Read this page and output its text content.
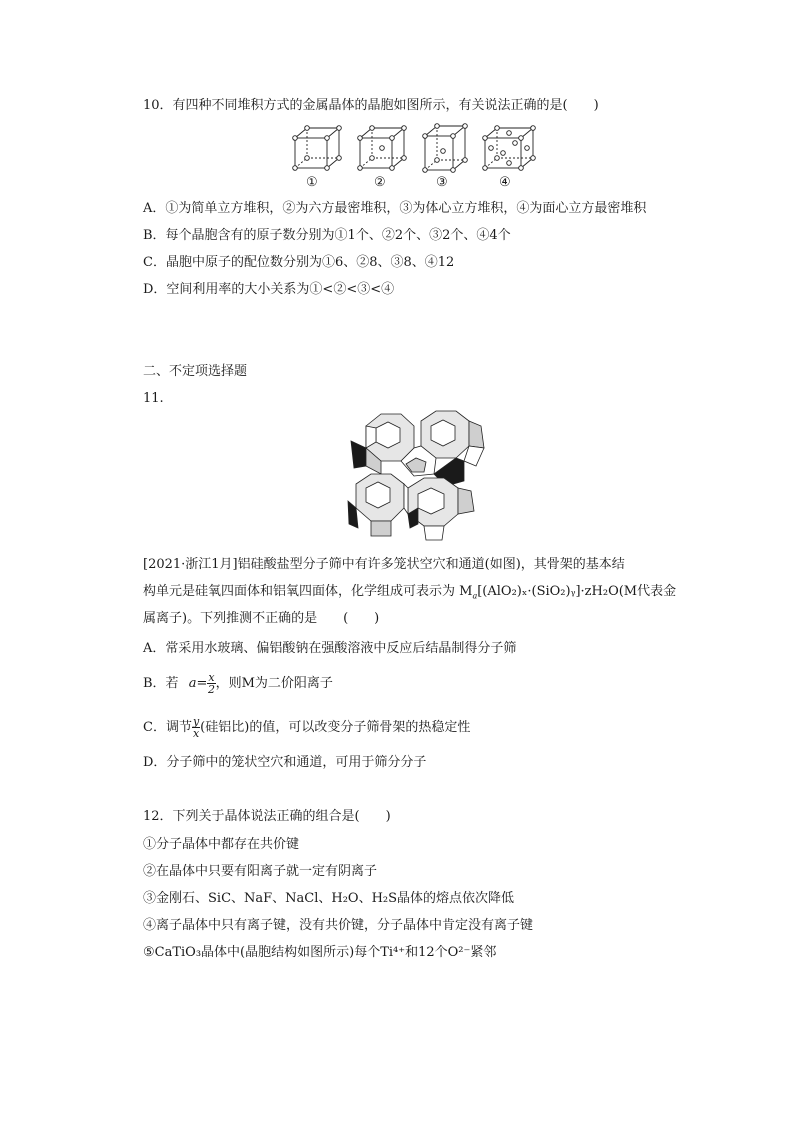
10．有四种不同堆积方式的金属晶体的晶胞如图所示，有关说法正确的是(　　)
①	②	③	④
A．①为简单立方堆积，②为六方最密堆积，③为体心立方堆积，④为面心立方最密堆积
B．每个晶胞含有的原子数分别为①1个、②2个、③2个、④4个
C．晶胞中原子的配位数分别为①6、②8、③8、④12
D．空间利用率的大小关系为①<②<③<④
二、不定项选择题
11.
[2021·浙江1月]铝硅酸盐型分子筛中有许多笼状空穴和通道(如图)，其骨架的基本结
构单元是硅氧四面体和铝氧四面体，化学组成可表示为 $M_a[(AlO_2)_x\cdot(SiO_2)ᵧ]\cdot zH_2O(M$代表金
属离子)。下列推测不正确的是　　(　　)
A．常采用水玻璃、偏铝酸钠在强酸溶液中反应后结晶制得分子筛
B．若 $a= \frac{x}{2}$ ，则M为二价阳离子
C．调节 $\frac{y}{x}$ (硅铝比)的值，可以改变分子筛骨架的热稳定性
D．分子筛中的笼状空穴和通道，可用于筛分分子
12．下列关于晶体说法正确的组合是(　　)
①分子晶体中都存在共价键
②在晶体中只要有阳离子就一定有阴离子
③金刚石、SiC、NaF、NaCl、H₂O、H₂S晶体的熔点依次降低
④离子晶体中只有离子键，没有共价键，分子晶体中肯定没有离子键
⑤CaTiO₃晶体中(晶胞结构如图所示)每个Ti⁴⁺和12个O²⁻紧邻
